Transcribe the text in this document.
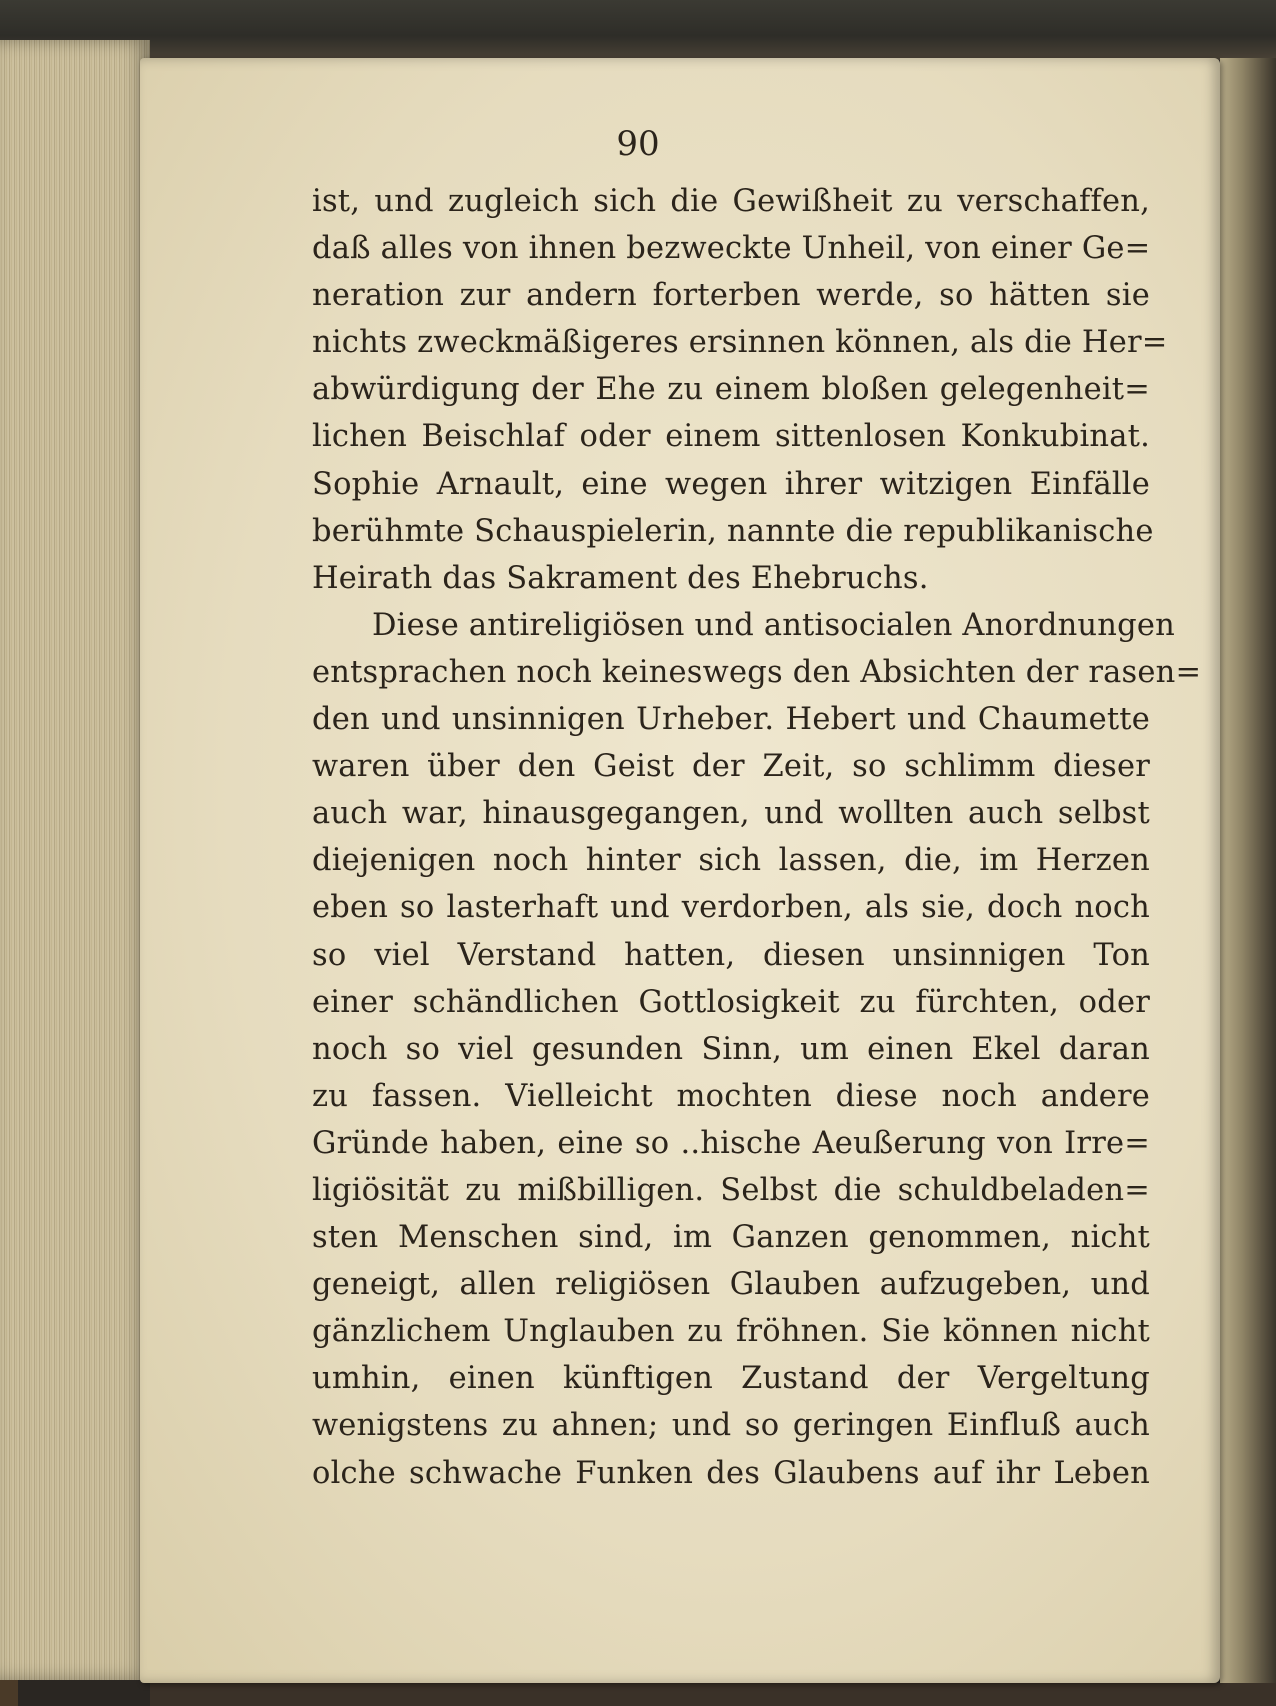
90
ist, und zugleich sich die Gewißheit zu verschaffen,
daß alles von ihnen bezweckte Unheil, von einer Ge=
neration zur andern forterben werde, so hätten sie
nichts zweckmäßigeres ersinnen können, als die Her=
abwürdigung der Ehe zu einem bloßen gelegenheit=
lichen Beischlaf oder einem sittenlosen Konkubinat.
Sophie Arnault, eine wegen ihrer witzigen Einfälle
berühmte Schauspielerin, nannte die republikanische
Heirath das Sakrament des Ehebruchs.
Diese antireligiösen und antisocialen Anordnungen
entsprachen noch keineswegs den Absichten der rasen=
den und unsinnigen Urheber. Hebert und Chaumette
waren über den Geist der Zeit, so schlimm dieser
auch war, hinausgegangen, und wollten auch selbst
diejenigen noch hinter sich lassen, die, im Herzen
eben so lasterhaft und verdorben, als sie, doch noch
so viel Verstand hatten, diesen unsinnigen Ton
einer schändlichen Gottlosigkeit zu fürchten, oder
noch so viel gesunden Sinn, um einen Ekel daran
zu fassen. Vielleicht mochten diese noch andere
Gründe haben, eine so ..hische Aeußerung von Irre=
ligiösität zu mißbilligen. Selbst die schuldbeladen=
sten Menschen sind, im Ganzen genommen, nicht
geneigt, allen religiösen Glauben aufzugeben, und
gänzlichem Unglauben zu fröhnen. Sie können nicht
umhin, einen künftigen Zustand der Vergeltung
wenigstens zu ahnen; und so geringen Einfluß auch
olche schwache Funken des Glaubens auf ihr Leben
